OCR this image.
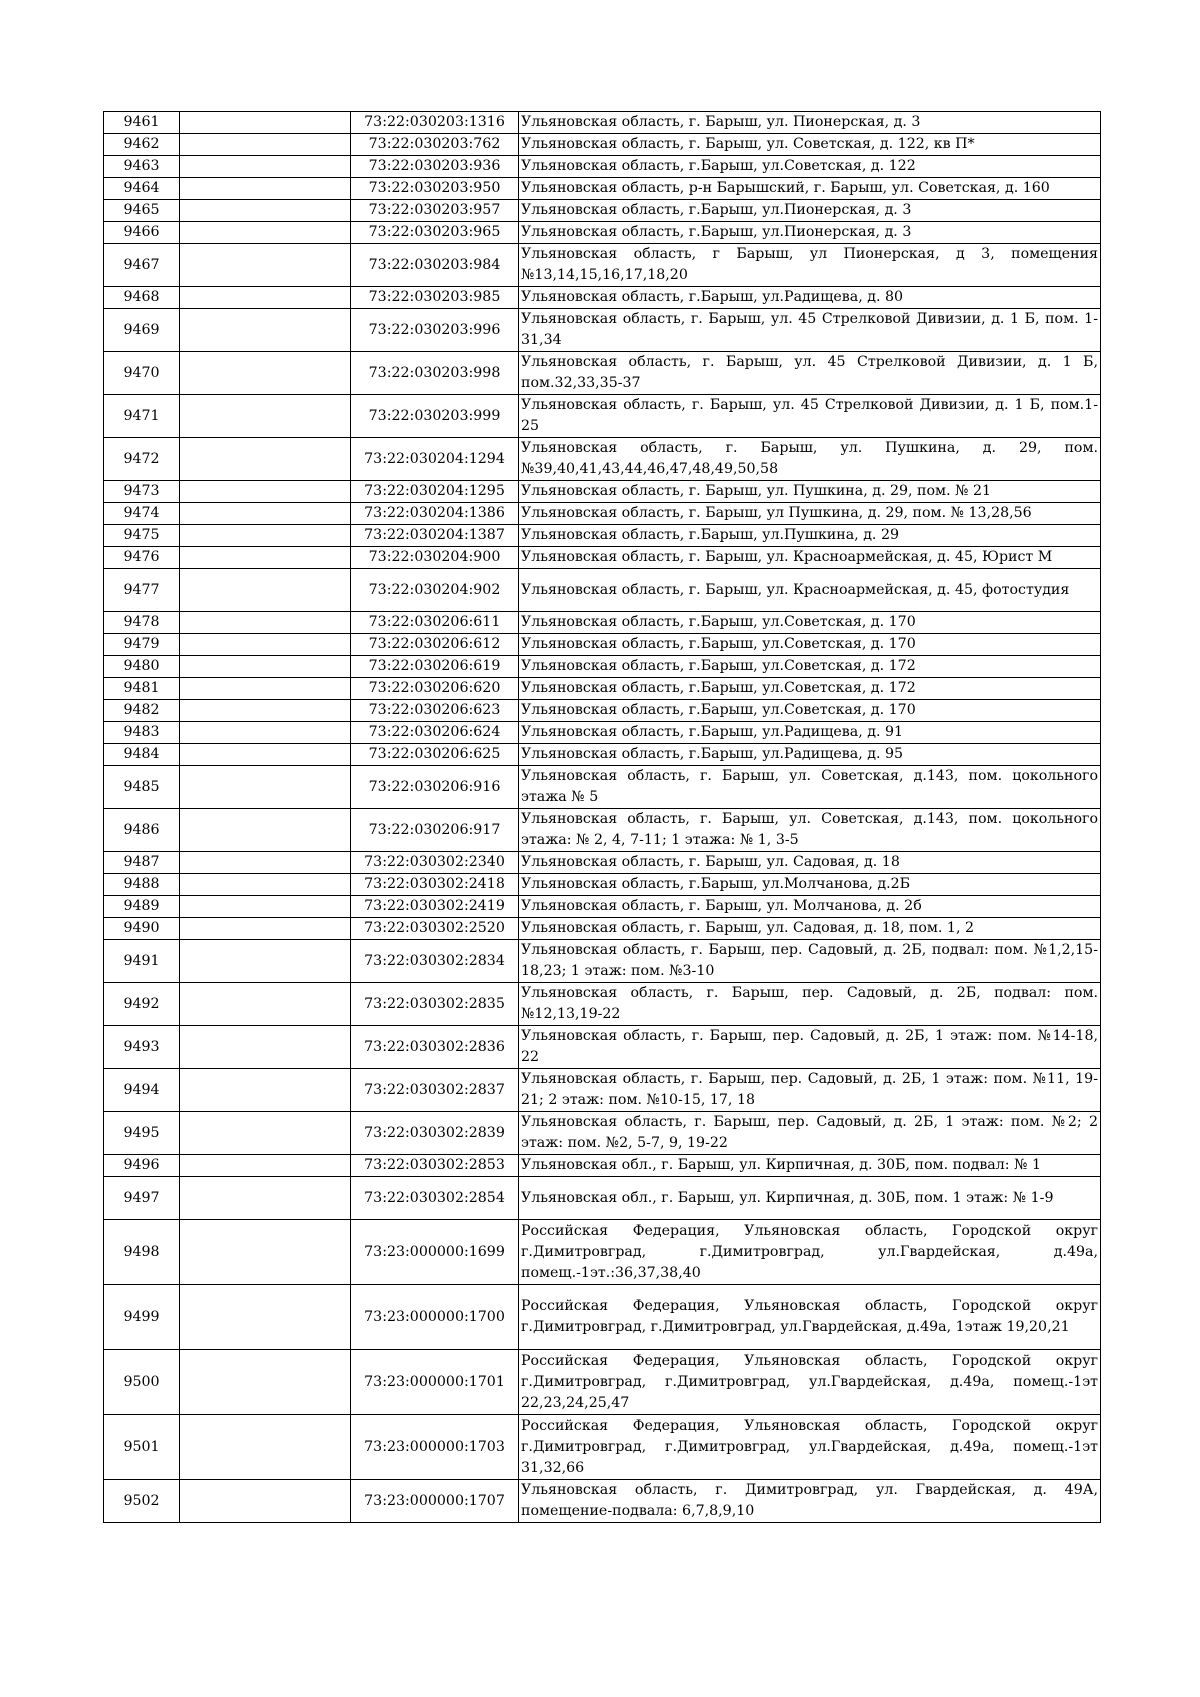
9461		73:22:030203:1316	Ульяновская область, г. Барыш, ул. Пионерская, д. 3
9462		73:22:030203:762	Ульяновская область, г. Барыш, ул. Советская, д. 122, кв П*
9463		73:22:030203:936	Ульяновская область, г.Барыш, ул.Советская, д. 122
9464		73:22:030203:950	Ульяновская область, р-н Барышский, г. Барыш, ул. Советская, д. 160
9465		73:22:030203:957	Ульяновская область, г.Барыш, ул.Пионерская, д. 3
9466		73:22:030203:965	Ульяновская область, г.Барыш, ул.Пионерская, д. 3
9467		73:22:030203:984	Ульяновская область, г Барыш, ул Пионерская, д 3, помещения №13,14,15,16,17,18,20
9468		73:22:030203:985	Ульяновская область, г.Барыш, ул.Радищева, д. 80
9469		73:22:030203:996	Ульяновская область, г. Барыш, ул. 45 Стрелковой Дивизии, д. 1 Б, пом. 1-31,34
9470		73:22:030203:998	Ульяновская область, г. Барыш, ул. 45 Стрелковой Дивизии, д. 1 Б, пом.32,33,35-37
9471		73:22:030203:999	Ульяновская область, г. Барыш, ул. 45 Стрелковой Дивизии, д. 1 Б, пом.1-25
9472		73:22:030204:1294	Ульяновская область, г. Барыш, ул. Пушкина, д. 29, пом. №39,40,41,43,44,46,47,48,49,50,58
9473		73:22:030204:1295	Ульяновская область, г. Барыш, ул. Пушкина, д. 29, пом. № 21
9474		73:22:030204:1386	Ульяновская область, г. Барыш, ул Пушкина, д. 29, пом. № 13,28,56
9475		73:22:030204:1387	Ульяновская область, г.Барыш, ул.Пушкина, д. 29
9476		73:22:030204:900	Ульяновская область, г. Барыш, ул. Красноармейская, д. 45, Юрист М
9477		73:22:030204:902	Ульяновская область, г. Барыш, ул. Красноармейская, д. 45, фотостудия
9478		73:22:030206:611	Ульяновская область, г.Барыш, ул.Советская, д. 170
9479		73:22:030206:612	Ульяновская область, г.Барыш, ул.Советская, д. 170
9480		73:22:030206:619	Ульяновская область, г.Барыш, ул.Советская, д. 172
9481		73:22:030206:620	Ульяновская область, г.Барыш, ул.Советская, д. 172
9482		73:22:030206:623	Ульяновская область, г.Барыш, ул.Советская, д. 170
9483		73:22:030206:624	Ульяновская область, г.Барыш, ул.Радищева, д. 91
9484		73:22:030206:625	Ульяновская область, г.Барыш, ул.Радищева, д. 95
9485		73:22:030206:916	Ульяновская область, г. Барыш, ул. Советская, д.143, пом. цокольного этажа № 5
9486		73:22:030206:917	Ульяновская область, г. Барыш, ул. Советская, д.143, пом. цокольного этажа: № 2, 4, 7-11; 1 этажа: № 1, 3-5
9487		73:22:030302:2340	Ульяновская область, г. Барыш, ул. Садовая, д. 18
9488		73:22:030302:2418	Ульяновская область, г.Барыш, ул.Молчанова, д.2Б
9489		73:22:030302:2419	Ульяновская область, г. Барыш, ул. Молчанова, д. 2б
9490		73:22:030302:2520	Ульяновская область, г. Барыш, ул. Садовая, д. 18, пом. 1, 2
9491		73:22:030302:2834	Ульяновская область, г. Барыш, пер. Садовый, д. 2Б, подвал: пом. №1,2,15-18,23; 1 этаж: пом. №3-10
9492		73:22:030302:2835	Ульяновская область, г. Барыш, пер. Садовый, д. 2Б, подвал: пом. №12,13,19-22
9493		73:22:030302:2836	Ульяновская область, г. Барыш, пер. Садовый, д. 2Б, 1 этаж: пом. №14-18, 22
9494		73:22:030302:2837	Ульяновская область, г. Барыш, пер. Садовый, д. 2Б, 1 этаж: пом. №11, 19-21; 2 этаж: пом. №10-15, 17, 18
9495		73:22:030302:2839	Ульяновская область, г. Барыш, пер. Садовый, д. 2Б, 1 этаж: пом. №2; 2 этаж: пом. №2, 5-7, 9, 19-22
9496		73:22:030302:2853	Ульяновская обл., г. Барыш, ул. Кирпичная, д. 30Б, пом. подвал: № 1
9497		73:22:030302:2854	Ульяновская обл., г. Барыш, ул. Кирпичная, д. 30Б, пом. 1 этаж: № 1-9
9498		73:23:000000:1699	Российская Федерация, Ульяновская область, Городской округ г.Димитровград, г.Димитровград, ул.Гвардейская, д.49а, помещ.-1эт.:36,37,38,40
9499		73:23:000000:1700	Российская Федерация, Ульяновская область, Городской округ г.Димитровград, г.Димитровград, ул.Гвардейская, д.49а, 1этаж 19,20,21
9500		73:23:000000:1701	Российская Федерация, Ульяновская область, Городской округ г.Димитровград, г.Димитровград, ул.Гвардейская, д.49а, помещ.-1эт 22,23,24,25,47
9501		73:23:000000:1703	Российская Федерация, Ульяновская область, Городской округ г.Димитровград, г.Димитровград, ул.Гвардейская, д.49а, помещ.-1эт 31,32,66
9502		73:23:000000:1707	Ульяновская область, г. Димитровград, ул. Гвардейская, д. 49А, помещение-подвала: 6,7,8,9,10
